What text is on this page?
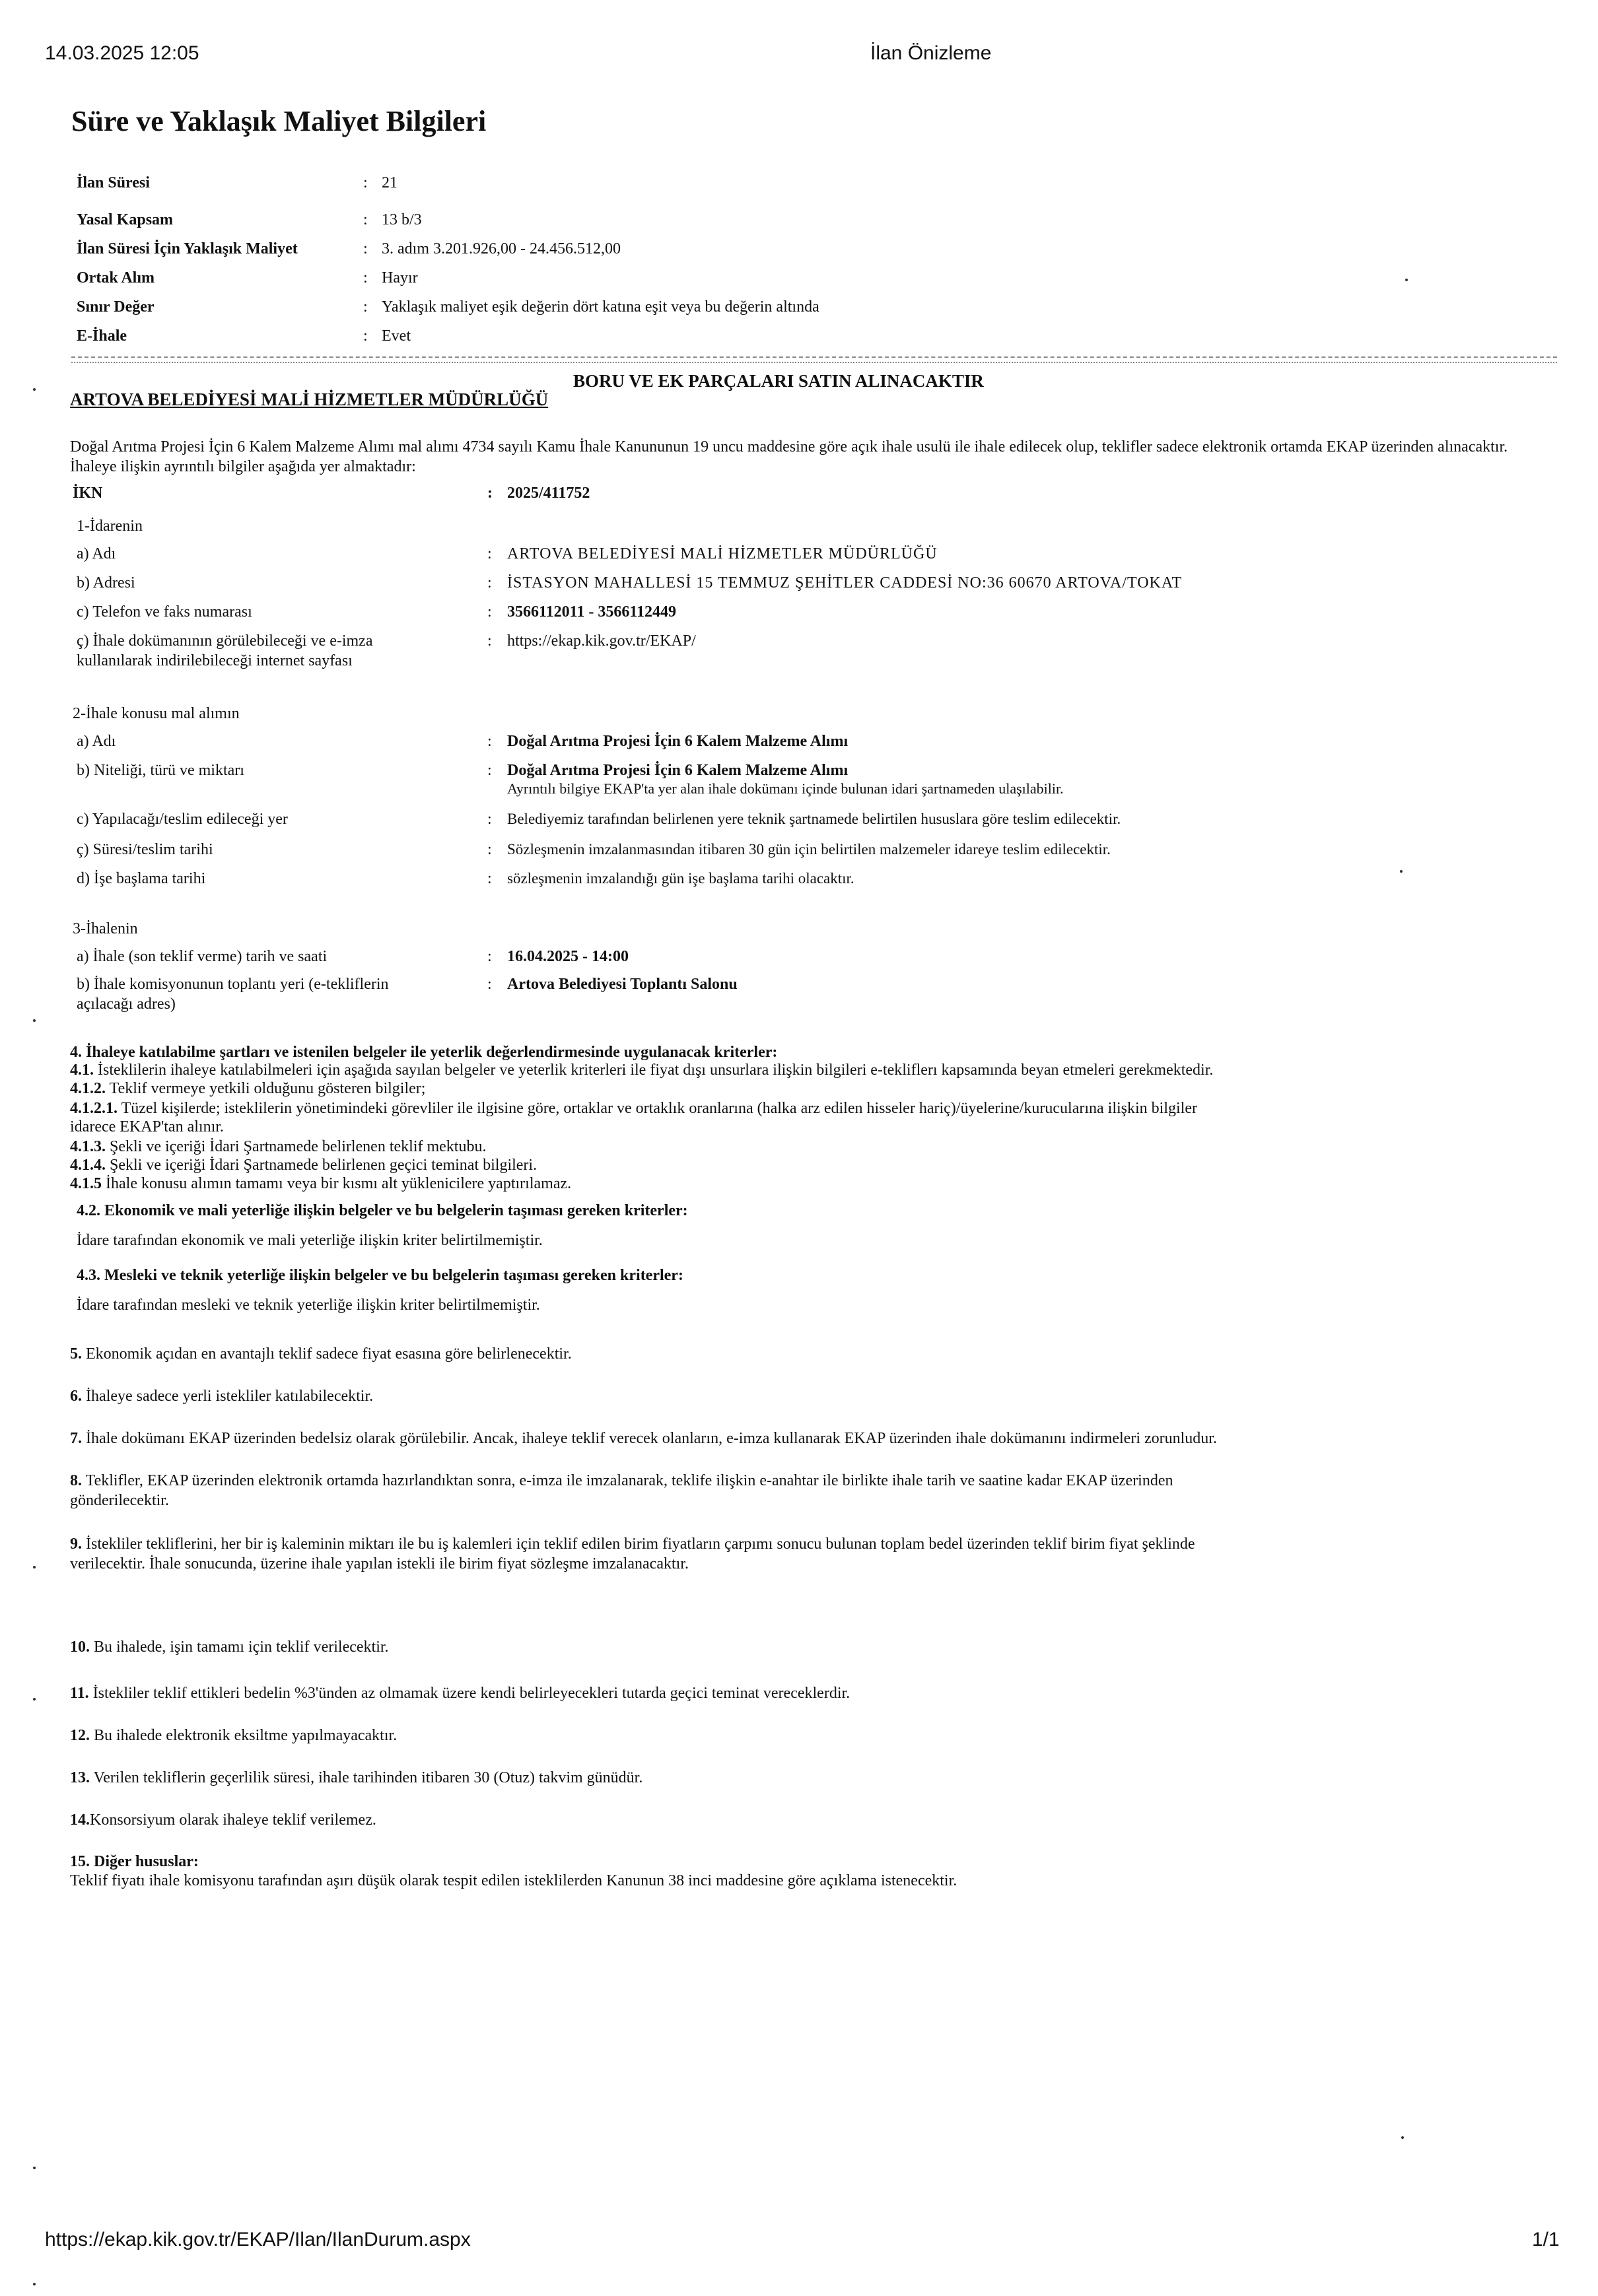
14.03.2025 12:05	İlan Önizleme
Süre ve Yaklaşık Maliyet Bilgileri
İlan Süresi	: 21
Yasal Kapsam	: 13 b/3
İlan Süresi İçin Yaklaşık Maliyet	: 3. adım 3.201.926,00 - 24.456.512,00
Ortak Alım	: Hayır
Sınır Değer	: Yaklaşık maliyet eşik değerin dört katına eşit veya bu değerin altında
E-İhale	: Evet
BORU VE EK PARÇALARI SATIN ALINACAKTIR
ARTOVA BELEDİYESİ MALİ HİZMETLER MÜDÜRLÜĞÜ
Doğal Arıtma Projesi İçin 6 Kalem Malzeme Alımı mal alımı 4734 sayılı Kamu İhale Kanununun 19 uncu maddesine göre açık ihale usulü ile ihale edilecek olup, teklifler sadece elektronik ortamda EKAP üzerinden alınacaktır. İhaleye ilişkin ayrıntılı bilgiler aşağıda yer almaktadır:
İKN	: 2025/411752
1-İdarenin
a) Adı	: ARTOVA BELEDİYESİ MALİ HİZMETLER MÜDÜRLÜĞÜ
b) Adresi	: İSTASYON MAHALLESİ 15 TEMMUZ ŞEHİTLER CADDESİ NO:36 60670 ARTOVA/TOKAT
c) Telefon ve faks numarası	: 3566112011 - 3566112449
ç) İhale dokümanının görülebileceği ve e-imza
kullanılarak indirilebileceği internet sayfası
: https://ekap.kik.gov.tr/EKAP/
2-İhale konusu mal alımın
a) Adı	: Doğal Arıtma Projesi İçin 6 Kalem Malzeme Alımı
b) Niteliği, türü ve miktarı	: Doğal Arıtma Projesi İçin 6 Kalem Malzeme Alımı
Ayrıntılı bilgiye EKAP'ta yer alan ihale dokümanı içinde bulunan idari şartnameden ulaşılabilir.
c) Yapılacağı/teslim edileceği yer	: Belediyemiz tarafından belirlenen yere teknik şartnamede belirtilen hususlara göre teslim edilecektir.
ç) Süresi/teslim tarihi	: Sözleşmenin imzalanmasından itibaren 30 gün için belirtilen malzemeler idareye teslim edilecektir.
d) İşe başlama tarihi	: sözleşmenin imzalandığı gün işe başlama tarihi olacaktır.
3-İhalenin
a) İhale (son teklif verme) tarih ve saati	: 16.04.2025 - 14:00
b) İhale komisyonunun toplantı yeri (e-tekliflerin
açılacağı adres)
: Artova Belediyesi Toplantı Salonu
4. İhaleye katılabilme şartları ve istenilen belgeler ile yeterlik değerlendirmesinde uygulanacak kriterler:
4.1. İsteklilerin ihaleye katılabilmeleri için aşağıda sayılan belgeler ve yeterlik kriterleri ile fiyat dışı unsurlara ilişkin bilgileri e-tekliflerı kapsamında beyan etmeleri gerekmektedir.
4.1.2. Teklif vermeye yetkili olduğunu gösteren bilgiler;
4.1.2.1. Tüzel kişilerde; isteklilerin yönetimindeki görevliler ile ilgisine göre, ortaklar ve ortaklık oranlarına (halka arz edilen hisseler hariç)/üyelerine/kurucularına ilişkin bilgiler
idarece EKAP'tan alınır.
4.1.3. Şekli ve içeriği İdari Şartnamede belirlenen teklif mektubu.
4.1.4. Şekli ve içeriği İdari Şartnamede belirlenen geçici teminat bilgileri.
4.1.5 İhale konusu alımın tamamı veya bir kısmı alt yüklenicilere yaptırılamaz.
4.2. Ekonomik ve mali yeterliğe ilişkin belgeler ve bu belgelerin taşıması gereken kriterler:
İdare tarafından ekonomik ve mali yeterliğe ilişkin kriter belirtilmemiştir.
4.3. Mesleki ve teknik yeterliğe ilişkin belgeler ve bu belgelerin taşıması gereken kriterler:
İdare tarafından mesleki ve teknik yeterliğe ilişkin kriter belirtilmemiştir.
5. Ekonomik açıdan en avantajlı teklif sadece fiyat esasına göre belirlenecektir.
6. İhaleye sadece yerli istekliler katılabilecektir.
7. İhale dokümanı EKAP üzerinden bedelsiz olarak görülebilir. Ancak, ihaleye teklif verecek olanların, e-imza kullanarak EKAP üzerinden ihale dokümanını indirmeleri zorunludur.
8. Teklifler, EKAP üzerinden elektronik ortamda hazırlandıktan sonra, e-imza ile imzalanarak, teklife ilişkin e-anahtar ile birlikte ihale tarih ve saatine kadar EKAP üzerinden
gönderilecektir.
9. İstekliler tekliflerini, her bir iş kaleminin miktarı ile bu iş kalemleri için teklif edilen birim fiyatların çarpımı sonucu bulunan toplam bedel üzerinden teklif birim fiyat şeklinde
verilecektir. İhale sonucunda, üzerine ihale yapılan istekli ile birim fiyat sözleşme imzalanacaktır.
10. Bu ihalede, işin tamamı için teklif verilecektir.
11. İstekliler teklif ettikleri bedelin %3'ünden az olmamak üzere kendi belirleyecekleri tutarda geçici teminat vereceklerdir.
12. Bu ihalede elektronik eksiltme yapılmayacaktır.
13. Verilen tekliflerin geçerlilik süresi, ihale tarihinden itibaren 30 (Otuz) takvim günüdür.
14.Konsorsiyum olarak ihaleye teklif verilemez.
15. Diğer hususlar:
Teklif fiyatı ihale komisyonu tarafından aşırı düşük olarak tespit edilen isteklilerden Kanunun 38 inci maddesine göre açıklama istenecektir.
https://ekap.kik.gov.tr/EKAP/Ilan/IlanDurum.aspx	1/1
